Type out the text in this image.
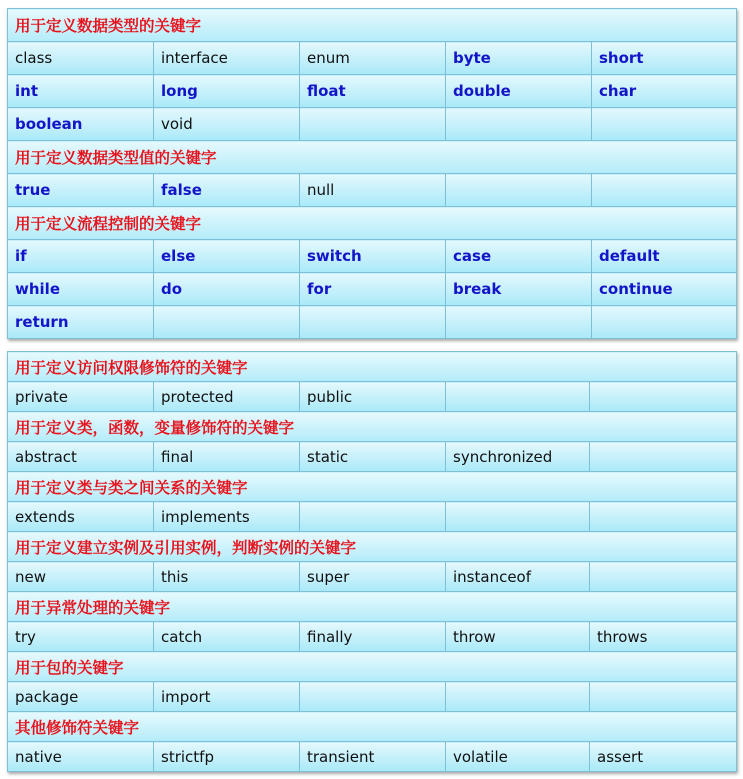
用于定义数据类型的关键字				
class	interface	enum	byte	short
int	long	float	double	char
boolean	void			
用于定义数据类型值的关键字				
true	false	null		
用于定义流程控制的关键字				
if	else	switch	case	default
while	do	for	break	continue
return				
用于定义访问权限修饰符的关键字				
private	protected	public		
用于定义类，函数，变量修饰符的关键字				
abstract	final	static	synchronized	
用于定义类与类之间关系的关键字				
extends	implements			
用于定义建立实例及引用实例，判断实例的关键字				
new	this	super	instanceof	
用于异常处理的关键字				
try	catch	finally	throw	throws
用于包的关键字				
package	import			
其他修饰符关键字				
native	strictfp	transient	volatile	assert
